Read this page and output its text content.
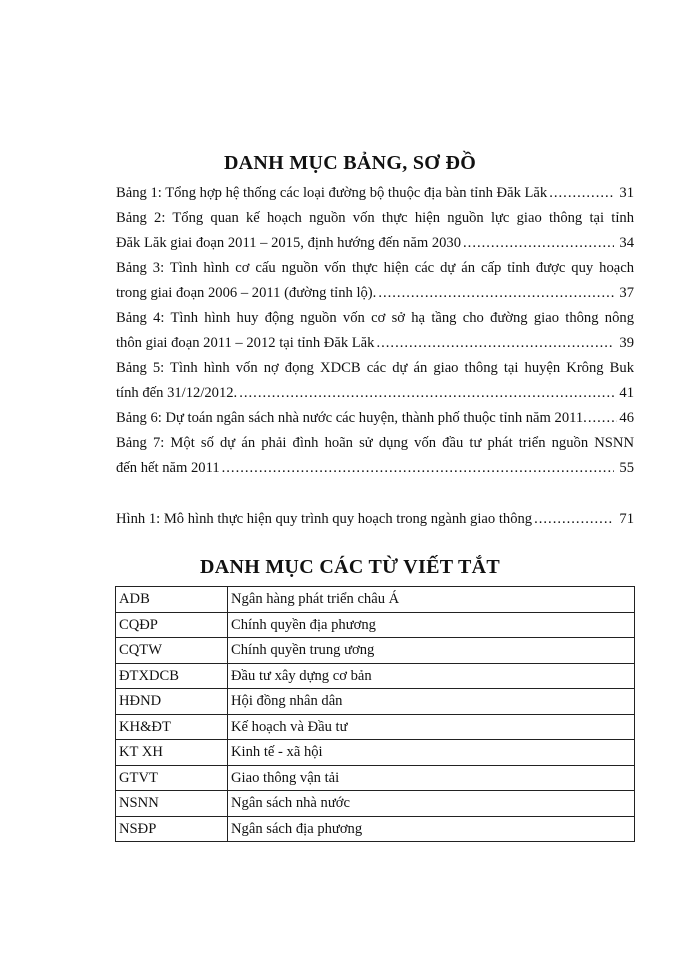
DANH MỤC BẢNG, SƠ ĐỒ
Bảng 1: Tổng hợp hệ thống các loại đường bộ thuộc địa bàn tỉnh Đăk Lăk .....	31
Bảng 2: Tổng quan kế hoạch nguồn vốn thực hiện nguồn lực giao thông tại tỉnh
Đăk Lăk giai đoạn 2011 – 2015, định hướng đến năm 2030 .....	34
Bảng 3: Tình hình cơ cấu nguồn vốn thực hiện các dự án cấp tỉnh được quy hoạch
trong giai đoạn 2006 – 2011 (đường tỉnh lộ). .....	37
Bảng 4: Tình hình huy động nguồn vốn cơ sở hạ tầng cho đường giao thông nông
thôn giai đoạn 2011 – 2012 tại tỉnh Đăk Lăk .....	39
Bảng 5: Tình hình vốn nợ đọng XDCB các dự án giao thông tại huyện Krông Buk
tính đến 31/12/2012. .....	41
Bảng 6: Dự toán ngân sách nhà nước các huyện, thành phố thuộc tỉnh năm 2011. ..... 46
Bảng 7: Một số dự án phải đình hoãn sử dụng vốn đầu tư phát triển nguồn NSNN
đến hết năm 2011 .....	55
Hình 1: Mô hình thực hiện quy trình quy hoạch trong ngành giao thông .....	71
DANH MỤC CÁC TỪ VIẾT TẮT
ADB	Ngân hàng phát triển châu Á
CQĐP	Chính quyền địa phương
CQTW	Chính quyền trung ương
ĐTXDCB	Đầu tư xây dựng cơ bản
HĐND	Hội đồng nhân dân
KH&ĐT	Kế hoạch và Đầu tư
KT XH	Kinh tế - xã hội
GTVT	Giao thông vận tải
NSNN	Ngân sách nhà nước
NSĐP	Ngân sách địa phương
